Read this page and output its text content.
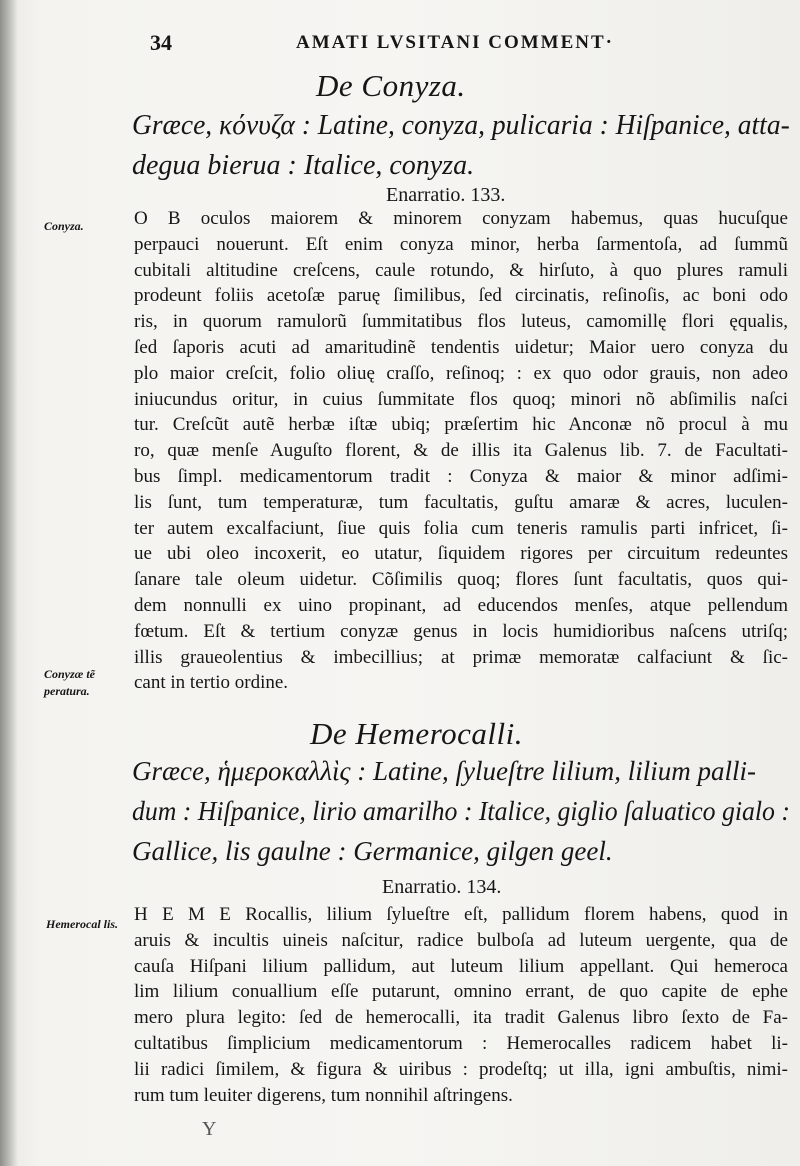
34	AMATI LVSITANI COMMENT·
De Conyza.
Græce, κόνυζα : Latine, conyza, pulicaria : Hiſpanice, atta-
degua bierua : Italice, conyza.
Enarratio. 133.
Conyza.
Conyzæ tẽ peratura.
O B oculos maiorem & minorem conyzam habemus, quas hucuſque
perpauci nouerunt. Eſt enim conyza minor, herba ſarmentoſa, ad ſummũ
cubitali altitudine creſcens, caule rotundo, & hirſuto, à quo plures ramuli
prodeunt foliis acetoſæ paruę ſimilibus, ſed circinatis, reſinoſis, ac boni odo
ris, in quorum ramulorũ ſummitatibus flos luteus, camomillę flori ęqualis,
ſed ſaporis acuti ad amaritudinẽ tendentis uidetur; Maior uero conyza du
plo maior creſcit, folio oliuę craſſo, reſinoq; : ex quo odor grauis, non adeo
iniucundus oritur, in cuius ſummitate flos quoq; minori nõ abſimilis naſci
tur. Creſcũt autẽ herbæ iſtæ ubiq; præſertim hic Anconæ nõ procul à mu
ro, quæ menſe Auguſto florent, & de illis ita Galenus lib. 7. de Facultati-
bus ſimpl. medicamentorum tradit : Conyza & maior & minor adſimi-
lis ſunt, tum temperaturæ, tum facultatis, guſtu amaræ & acres, luculen-
ter autem excalfaciunt, ſiue quis folia cum teneris ramulis parti infricet, ſi-
ue ubi oleo incoxerit, eo utatur, ſiquidem rigores per circuitum redeuntes
ſanare tale oleum uidetur. Cõſimilis quoq; flores ſunt facultatis, quos qui-
dem nonnulli ex uino propinant, ad educendos menſes, atque pellendum
fœtum. Eſt & tertium conyzæ genus in locis humidioribus naſcens utriſq;
illis graueolentius & imbecillius; at primæ memoratæ calfaciunt & ſic-
cant in tertio ordine.
De Hemerocalli.
Græce, ἡμεροκαλλὶς : Latine, ſylueſtre lilium, lilium palli-
dum : Hiſpanice, lirio amarilho : Italice, giglio ſaluatico gialo :
Gallice, lis gaulne : Germanice, gilgen geel.
Enarratio. 134.
Hemerocal lis. H E M E Rocallis, lilium ſylueſtre eſt, pallidum florem habens, quod in
aruis & incultis uineis naſcitur, radice bulboſa ad luteum uergente, qua de
cauſa Hiſpani lilium pallidum, aut luteum lilium appellant. Qui hemeroca
lim lilium conuallium eſſe putarunt, omnino errant, de quo capite de ephe
mero plura legito: ſed de hemerocalli, ita tradit Galenus libro ſexto de Fa-
cultatibus ſimplicium medicamentorum : Hemerocalles radicem habet li-
lii radici ſimilem, & figura & uiribus : prodeſtq; ut illa, igni ambuſtis, nimi-
rum tum leuiter digerens, tum nonnihil aſtringens.
Y
